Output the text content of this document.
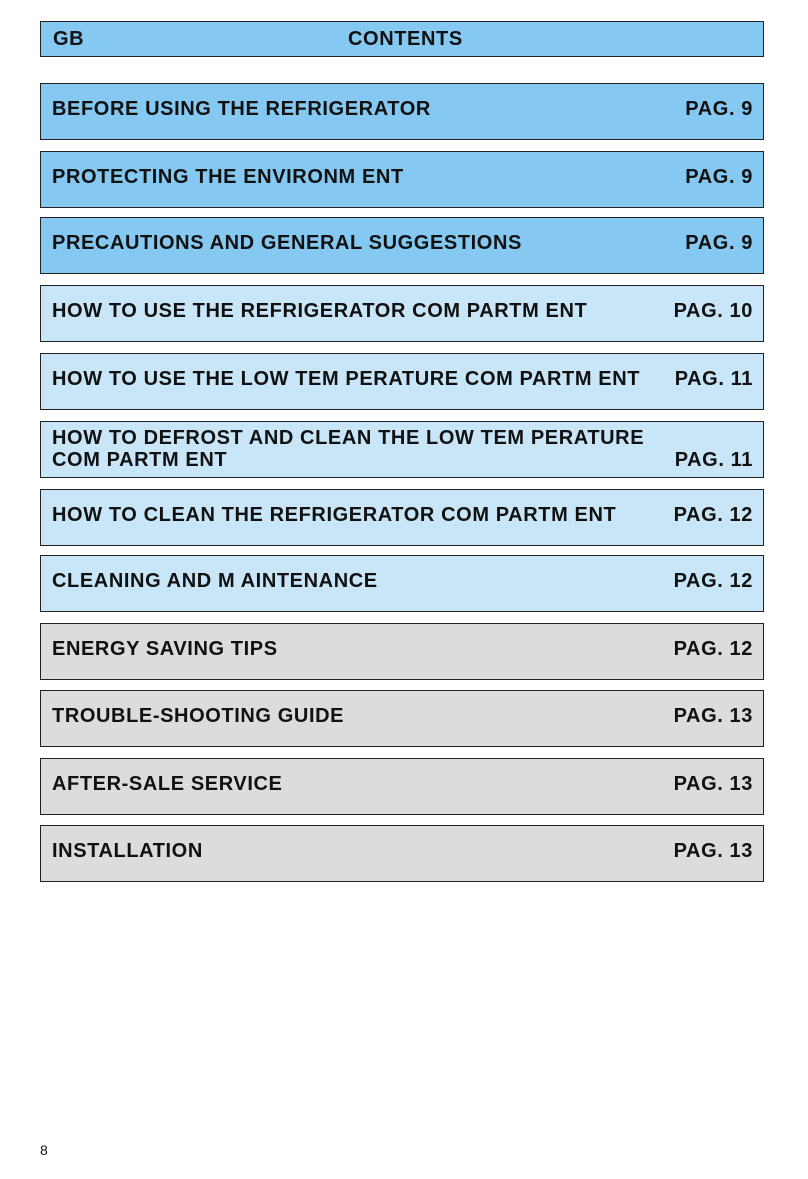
GB	CONTENTS
BEFORE USING THE REFRIGERATOR	PAG. 9
PROTECTING THE ENVIRONM ENT	PAG. 9
PRECAUTIONS AND GENERAL SUGGESTIONS	PAG. 9
HOW TO USE THE REFRIGERATOR COM PARTM ENT	PAG. 10
HOW TO USE THE LOW TEM PERATURE COM PARTM ENT PAG. 11
HOW TO DEFROST AND CLEAN THE LOW TEM PERATURE COM PARTM ENT	PAG. 11
HOW TO CLEAN THE REFRIGERATOR COM PARTM ENT	PAG. 12
CLEANING AND M AINTENANCE	PAG. 12
ENERGY SAVING TIPS	PAG. 12
TROUBLE-SHOOTING GUIDE	PAG. 13
AFTER-SALE SERVICE	PAG. 13
INSTALLATION	PAG. 13
8
